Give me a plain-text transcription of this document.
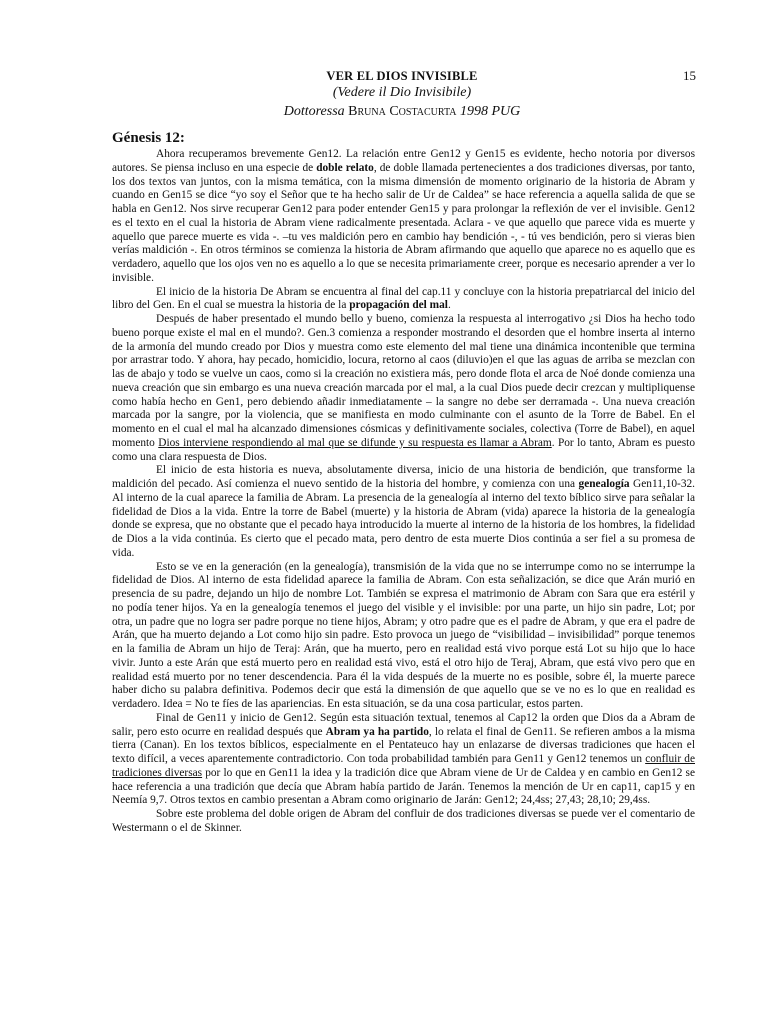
VER EL DIOS INVISIBLE
(Vedere il Dio Invisibile)
Dottoressa Bruna Costacurta 1998 PUG
15
Génesis 12:

Ahora recuperamos brevemente Gen12. La relación entre Gen12 y Gen15 es evidente, hecho notoria por diversos autores. Se piensa incluso en una especie de doble relato, de doble llamada pertenecientes a dos tradiciones diversas, por tanto, los dos textos van juntos, con la misma temática, con la misma dimensión de momento originario de la historia de Abram y cuando en Gen15 se dice “yo soy el Señor que te ha hecho salir de Ur de Caldea” se hace referencia a aquella salida de que se habla en Gen12. Nos sirve recuperar Gen12 para poder entender Gen15 y para prolongar la reflexión de ver el invisible. Gen12 es el texto en el cual la historia de Abram viene radicalmente presentada. Aclara - ve que aquello que parece vida es muerte y aquello que parece muerte es vida -. –tu ves maldición pero en cambio hay bendición -, - tú ves bendición, pero si vieras bien verías maldición -. En otros términos se comienza la historia de Abram afirmando que aquello que aparece no es aquello que es verdadero, aquello que los ojos ven no es aquello a lo que se necesita primariamente creer, porque es necesario aprender a ver lo invisible.

El inicio de la historia De Abram se encuentra al final del cap.11 y concluye con la historia prepatriarcal del inicio del libro del Gen. En el cual se muestra la historia de la propagación del mal.

Después de haber presentado el mundo bello y bueno, comienza la respuesta al interrogativo ¿si Dios ha hecho todo bueno porque existe el mal en el mundo?. Gen.3 comienza a responder mostrando el desorden que el hombre inserta al interno de la armonía del mundo creado por Dios y muestra como este elemento del mal tiene una dinámica incontenible que termina por arrastrar todo. Y ahora, hay pecado, homicidio, locura, retorno al caos (diluvio)en el que las aguas de arriba se mezclan con las de abajo y todo se vuelve un caos, como si la creación no existiera más, pero donde flota el arca de Noé donde comienza una nueva creación que sin embargo es una nueva creación marcada por el mal, a la cual Dios puede decir crezcan y multipliquense como había hecho en Gen1, pero debiendo añadir inmediatamente – la sangre no debe ser derramada -. Una nueva creación marcada por la sangre, por la violencia, que se manifiesta en modo culminante con el asunto de la Torre de Babel. En el momento en el cual el mal ha alcanzado dimensiones cósmicas y definitivamente sociales, colectiva (Torre de Babel), en aquel momento Dios interviene respondiendo al mal que se difunde y su respuesta es llamar a Abram. Por lo tanto, Abram es puesto como una clara respuesta de Dios.

El inicio de esta historia es nueva, absolutamente diversa, inicio de una historia de bendición, que transforme la maldición del pecado. Así comienza el nuevo sentido de la historia del hombre, y comienza con una genealogía Gen11,10-32. Al interno de la cual aparece la familia de Abram. La presencia de la genealogía al interno del texto bíblico sirve para señalar la fidelidad de Dios a la vida. Entre la torre de Babel (muerte) y la historia de Abram (vida) aparece la historia de la genealogía donde se expresa, que no obstante que el pecado haya introducido la muerte al interno de la historia de los hombres, la fidelidad de Dios a la vida continúa. Es cierto que el pecado mata, pero dentro de esta muerte Dios continúa a ser fiel a su promesa de vida.

Esto se ve en la generación (en la genealogía), transmisión de la vida que no se interrumpe como no se interrumpe la fidelidad de Dios. Al interno de esta fidelidad aparece la familia de Abram. Con esta señalización, se dice que Arán murió en presencia de su padre, dejando un hijo de nombre Lot. También se expresa el matrimonio de Abram con Sara que era estéril y no podía tener hijos. Ya en la genealogía tenemos el juego del visible y el invisible: por una parte, un hijo sin padre, Lot; por otra, un padre que no logra ser padre porque no tiene hijos, Abram; y otro padre que es el padre de Abram, y que era el padre de Arán, que ha muerto dejando a Lot como hijo sin padre. Esto provoca un juego de “visibilidad – invisibilidad” porque tenemos en la familia de Abram un hijo de Teraj: Arán, que ha muerto, pero en realidad está vivo porque está Lot su hijo que lo hace vivir. Junto a este Arán que está muerto pero en realidad está vivo, está el otro hijo de Teraj, Abram, que está vivo pero que en realidad está muerto por no tener descendencia. Para él la vida después de la muerte no es posible, sobre él, la muerte parece haber dicho su palabra definitiva. Podemos decir que está la dimensión de que aquello que se ve no es lo que en realidad es verdadero. Idea = No te fíes de las apariencias. En esta situación, se da una cosa particular, estos parten.

Final de Gen11 y inicio de Gen12. Según esta situación textual, tenemos al Cap12 la orden que Dios da a Abram de salir, pero esto ocurre en realidad después que Abram ya ha partido, lo relata el final de Gen11. Se refieren ambos a la misma tierra (Canan). En los textos bíblicos, especialmente en el Pentateuco hay un enlazarse de diversas tradiciones que hacen el texto difícil, a veces aparentemente contradictorio. Con toda probabilidad también para Gen11 y Gen12 tenemos un confluir de tradiciones diversas por lo que en Gen11 la idea y la tradición dice que Abram viene de Ur de Caldea y en cambio en Gen12 se hace referencia a una tradición que decía que Abram había partido de Jarán. Tenemos la mención de Ur en cap11, cap15 y en Neemía 9,7. Otros textos en cambio presentan a Abram como originario de Jarán: Gen12; 24,4ss; 27,43; 28,10; 29,4ss.

Sobre este problema del doble origen de Abram del confluir de dos tradiciones diversas se puede ver el comentario de Westermann o el de Skinner.
